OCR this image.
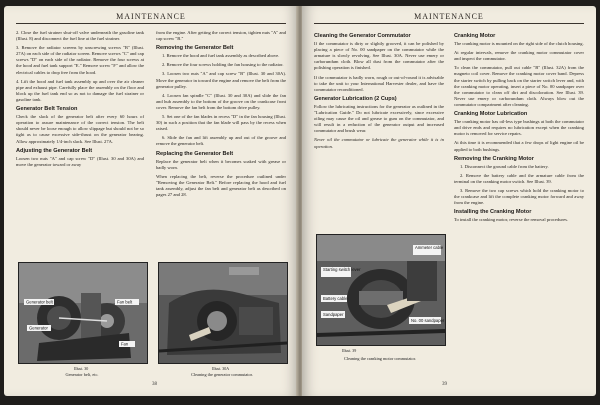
MAINTENANCE

2. Close the fuel strainer shut-off valve underneath the gasoline tank (Illust. 8) and disconnect the fuel line at the fuel strainer.

3. Remove the radiator screens by unscrewing screws "B" (Illust. 27A) on each side of the radiator screen. Remove screws "C" and cap screws "D" on each side of the radiator. Remove the four screws at the hood and fuel tank support "E." Remove screw "F" and allow the electrical cables to drop free from the hood.

4. Lift the hood and fuel tank assembly up and over the air cleaner pipe and exhaust pipe. Carefully place the assembly on the floor and block up the fuel tank end so as not to damage the fuel strainer or gasoline tank.

Generator Belt Tension

Check the slack of the generator belt after every 60 hours of operation to assure maintenance of the correct tension. The belt should never be loose enough to allow slippage but should not be so tight as to cause excessive side-thrust on the generator bearing. Allow approximately 1/4-inch slack. See Illust. 27A.

Adjusting the Generator Belt

Loosen two nuts "A" and cap screw "D" (Illust. 30 and 30A) and move the generator toward or away

from the engine. After getting the correct tension, tighten nuts "A" and cap screw "B."

Removing the Generator Belt
1. Remove the hood and fuel tank assembly as described above.
2. Remove the four screws holding the fan housing to the radiator.
3. Loosen two nuts "A" and cap screw "B" (Illust. 30 and 30A). Move the generator in toward the engine and remove the belt from the generator pulley.
4. Loosen fan spindle "C" (Illust. 30 and 30A) and slide the fan and hub assembly to the bottom of the groove on the crankcase front cover. Remove the fan belt from the bottom drive pulley.
5. Set one of the fan blades in recess "D" in the fan housing (Illust. 30) in such a position that the fan blade will pass by the recess when raised.
6. Slide the fan and lift assembly up and out of the groove and remove the generator belt.
Replacing the Generator Belt

Replace the generator belt when it becomes soaked with grease or badly worn.

When replacing the belt, reverse the procedure outlined under "Removing the Generator Belt." Before replacing the hood and fuel tank assembly, adjust the fan belt and generator belt as described on pages 27 and 28.

Generator belt	Fan belt
Generator
Fan
Illust. 30
Generator belt, etc.
Illust. 30A
Cleaning the generator commutator.
38
MAINTENANCE
Cleaning the Generator Commutator

If the commutator is dirty or slightly grooved, it can be polished by placing a piece of No. 00 sandpaper on the commutator while the armature is slowly revolving. See Illust. 30A. Never use emery or carborundum cloth. Blow all dust from the commutator after the polishing operation is finished.

If the commutator is badly worn, rough or out-of-round it is advisable to take the unit to your International Harvester dealer, and have the commutator reconditioned.

Generator Lubrication (2 Cups)

Follow the lubricating instructions for the generator as outlined in the "Lubrication Guide." Do not lubricate excessively, since excessive oiling may cause the oil and grease to gum on the commutator, and will result in a reduction of the generator output and increased commutator and brush wear.

Never oil the commutator or lubricate the generator while it is in operation.

Cranking Motor

The cranking motor is mounted on the right side of the clutch housing.

At regular intervals, remove the cranking motor commutator cover and inspect the commutator.

To clean the commutator, pull out cable "B" (Illust. 32A) from the magneto coil cover. Remove the cranking motor cover band. Depress the starter switch by pulling back on the starter switch lever and, with the cranking motor operating, insert a piece of No. 00 sandpaper over the commutator to clean off dirt and discoloration. See Illust. 39. Never use emery or carborundum cloth. Always blow out the commutator compartment after cleaning.

Cranking Motor Lubrication

The cranking motor has oil-less type bushings at both the commutator and drive ends and requires no lubrication except when the cranking motor is removed for service repairs.

At this time it is recommended that a few drops of light engine oil be applied to both bushings.

Removing the Cranking Motor
1. Disconnect the ground cable from the battery.
2. Remove the battery cable and the armature cable from the terminal on the cranking motor switch. See Illust. 39.
3. Remove the two cap screws which hold the cranking motor to the crankcase and lift the complete cranking motor forward and away from the engine.
Installing the Cranking Motor

To install the cranking motor, reverse the removal procedures.

Starting switch lever
Ammeter cable
Battery cable
Sandpaper
No. 00 sandpaper
Illust. 39
Cleaning the cranking motor commutator.
39
